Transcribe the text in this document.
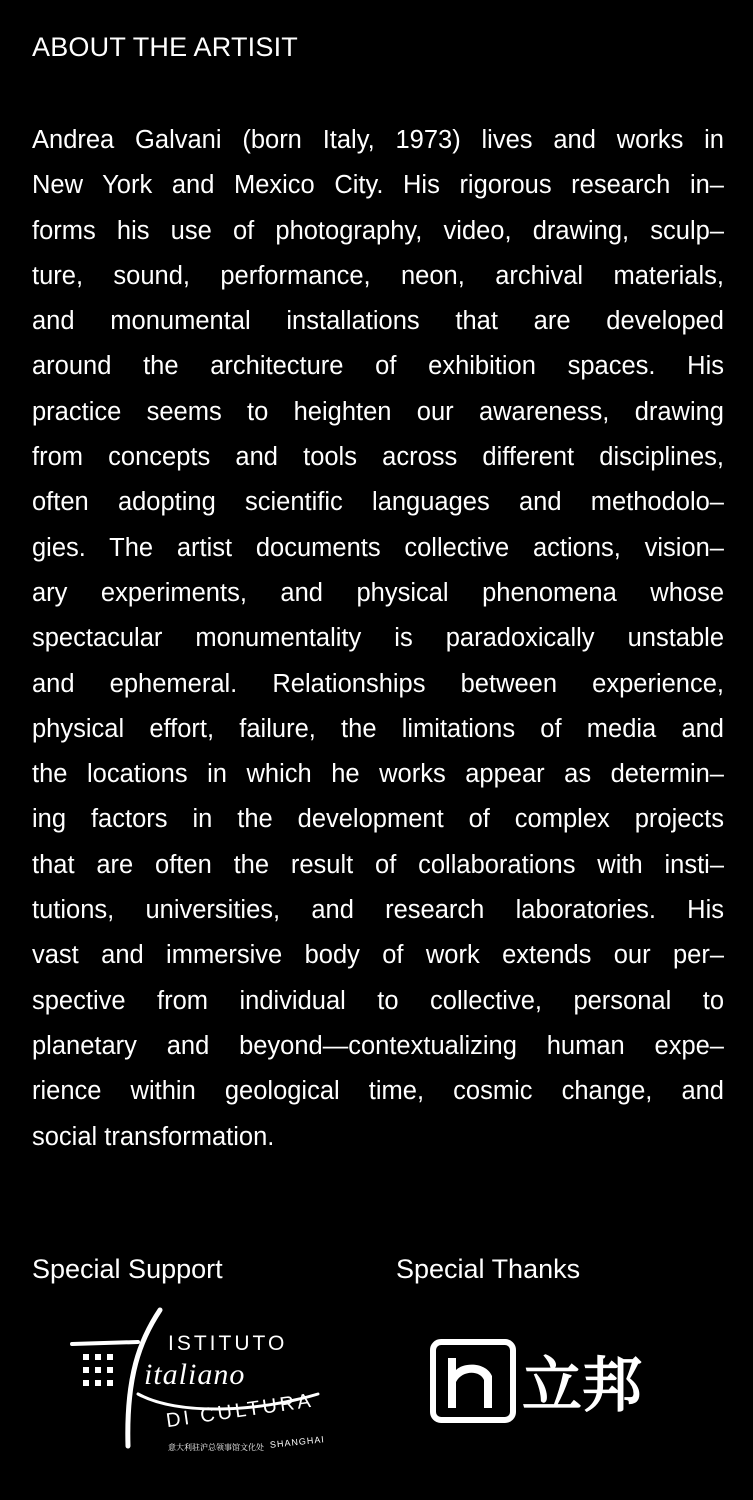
ABOUT THE ARTISIT
Andrea Galvani (born Italy, 1973) lives and works in
New York and Mexico City. His rigorous research in–
forms his use of photography, video, drawing, sculp–
ture, sound, performance, neon, archival materials,
and monumental installations that are developed
around the architecture of exhibition spaces. His
practice seems to heighten our awareness, drawing
from concepts and tools across different disciplines,
often adopting scientific languages and methodolo–
gies. The artist documents collective actions, vision–
ary experiments, and physical phenomena whose
spectacular monumentality is paradoxically unstable
and ephemeral. Relationships between experience,
physical effort, failure, the limitations of media and
the locations in which he works appear as determin–
ing factors in the development of complex projects
that are often the result of collaborations with insti–
tutions, universities, and research laboratories. His
vast and immersive body of work extends our per–
spective from individual to collective, personal to
planetary and beyond—contextualizing human expe–
rience within geological time, cosmic change, and
social transformation.
Special Support	Special Thanks
ISTITUTO
italiano
DI CULTURA
意大利驻沪总领事馆文化处 SHANGHAI
立邦
